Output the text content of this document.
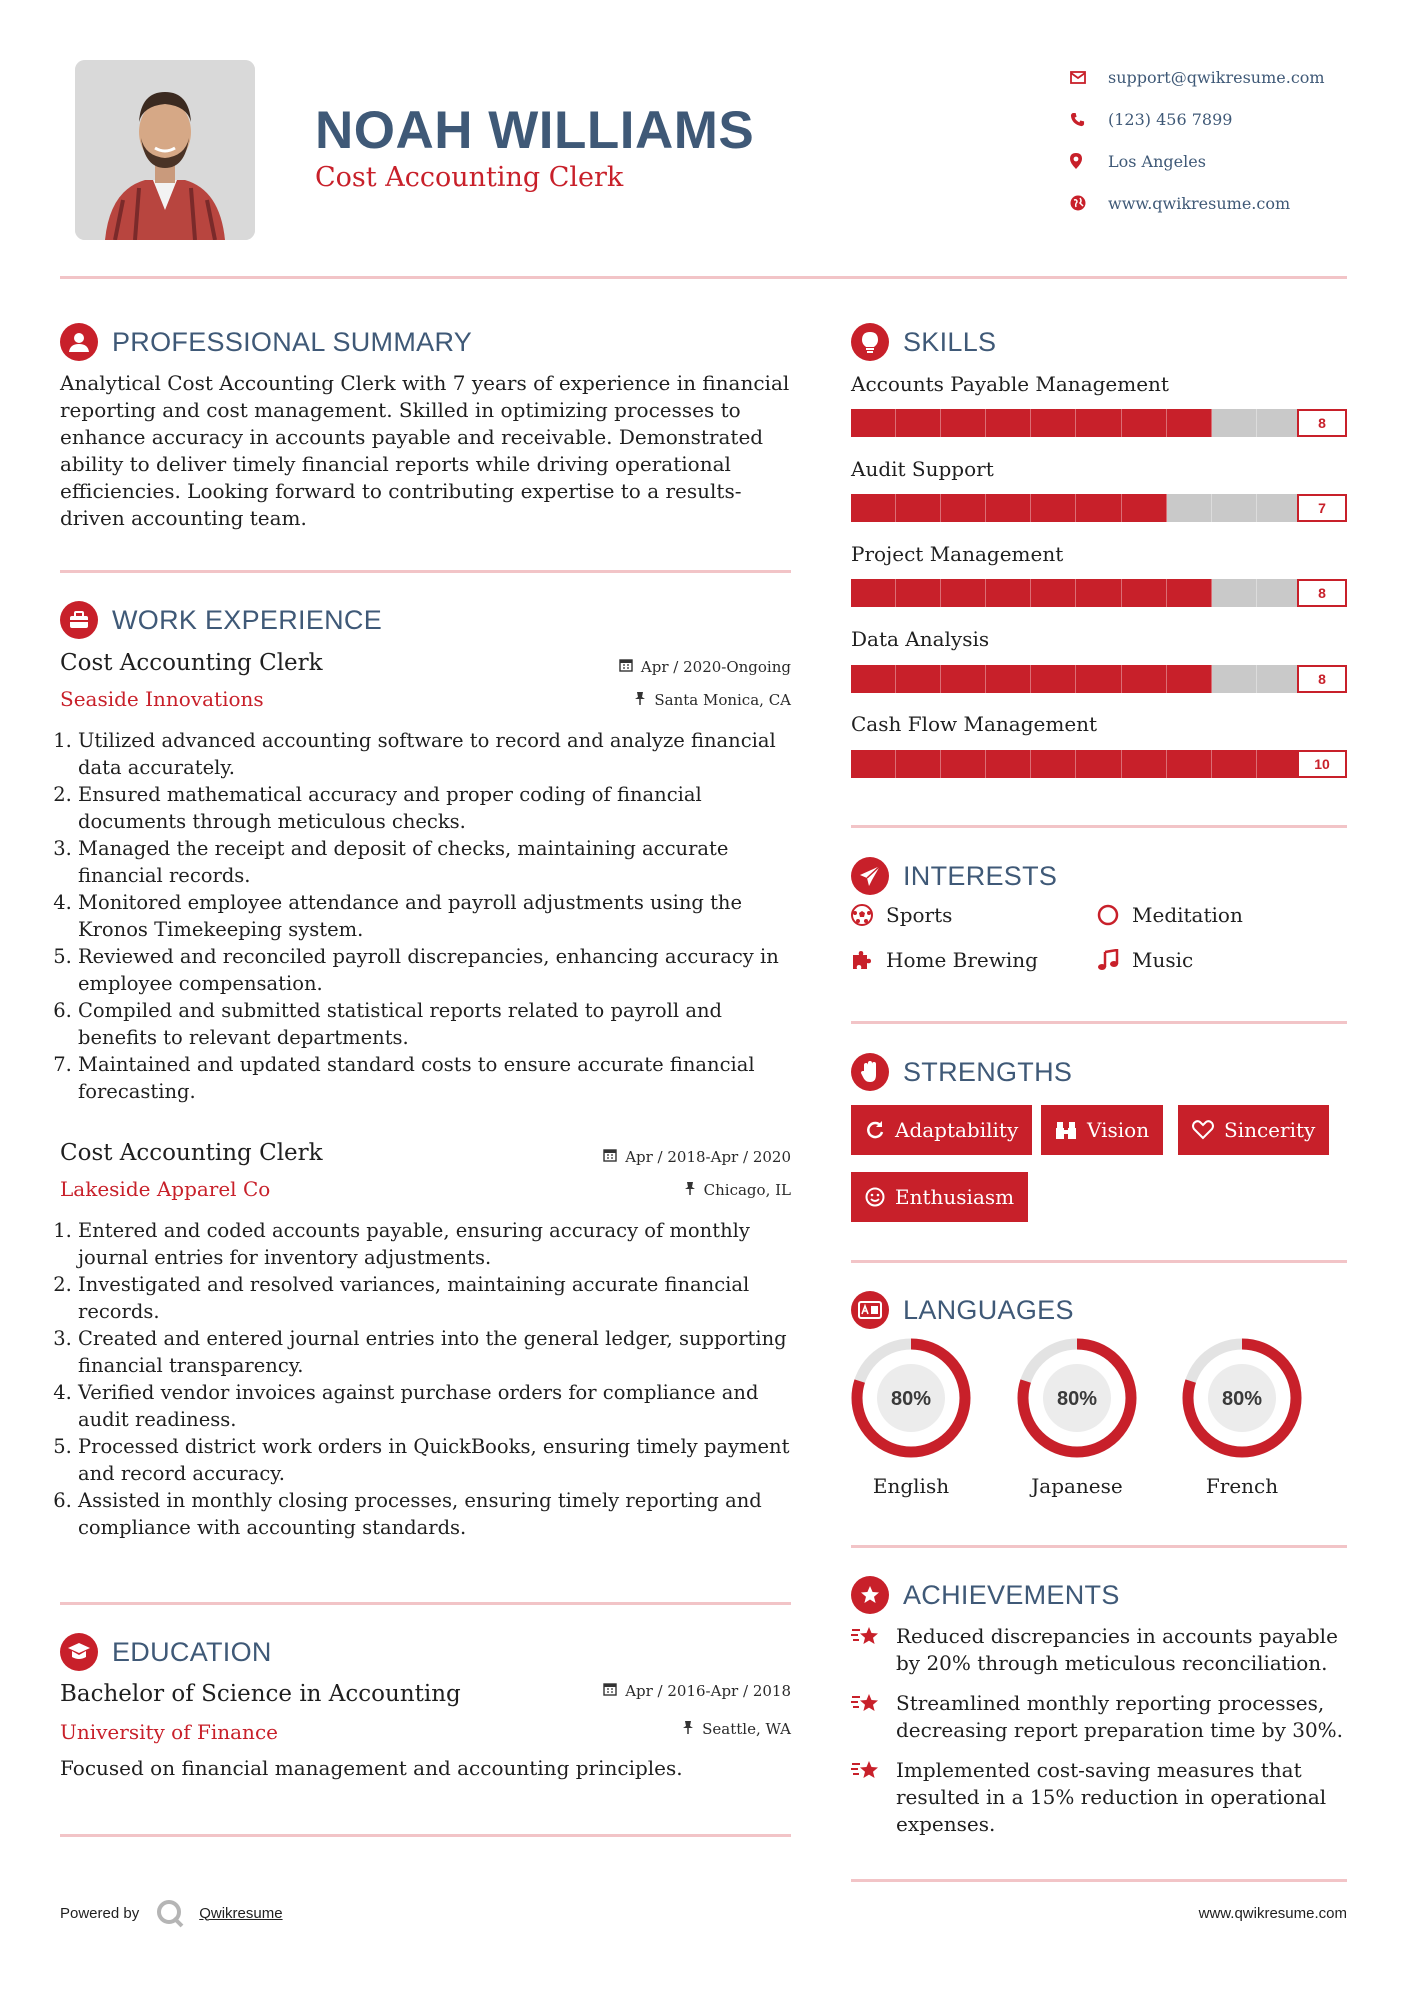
NOAH WILLIAMS
Cost Accounting Clerk
support@qwikresume.com
(123) 456 7899
Los Angeles
www.qwikresume.com
PROFESSIONAL SUMMARY
Analytical Cost Accounting Clerk with 7 years of experience in financial reporting and cost management. Skilled in optimizing processes to enhance accuracy in accounts payable and receivable. Demonstrated ability to deliver timely financial reports while driving operational efficiencies. Looking forward to contributing expertise to a results-driven accounting team.
WORK EXPERIENCE
Cost Accounting Clerk
Seaside Innovations
Apr / 2020-Ongoing
Santa Monica, CA
1. Utilized advanced accounting software to record and analyze financial data accurately.
2. Ensured mathematical accuracy and proper coding of financial documents through meticulous checks.
3. Managed the receipt and deposit of checks, maintaining accurate financial records.
4. Monitored employee attendance and payroll adjustments using the Kronos Timekeeping system.
5. Reviewed and reconciled payroll discrepancies, enhancing accuracy in employee compensation.
6. Compiled and submitted statistical reports related to payroll and benefits to relevant departments.
7. Maintained and updated standard costs to ensure accurate financial forecasting.
Cost Accounting Clerk
Lakeside Apparel Co
Apr / 2018-Apr / 2020
Chicago, IL
1. Entered and coded accounts payable, ensuring accuracy of monthly journal entries for inventory adjustments.
2. Investigated and resolved variances, maintaining accurate financial records.
3. Created and entered journal entries into the general ledger, supporting financial transparency.
4. Verified vendor invoices against purchase orders for compliance and audit readiness.
5. Processed district work orders in QuickBooks, ensuring timely payment and record accuracy.
6. Assisted in monthly closing processes, ensuring timely reporting and compliance with accounting standards.
EDUCATION
Bachelor of Science in Accounting
University of Finance
Apr / 2016-Apr / 2018
Seattle, WA
Focused on financial management and accounting principles.
SKILLS
Accounts Payable Management
8
Audit Support
7
Project Management
8
Data Analysis
8
Cash Flow Management
10
INTERESTS
Sports	Meditation
Home Brewing	Music
STRENGTHS
Adaptability	Vision	Sincerity
Enthusiasm
LANGUAGES
80%
English
80%
Japanese
80%
French
ACHIEVEMENTS
Reduced discrepancies in accounts payable by 20% through meticulous reconciliation.
Streamlined monthly reporting processes, decreasing report preparation time by 30%.
Implemented cost-saving measures that resulted in a 15% reduction in operational expenses.
Powered by	Qwikresume	www.qwikresume.com
